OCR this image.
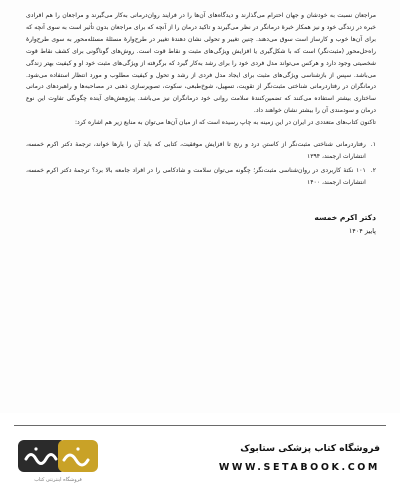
مراجعان نسبت به خودشان و جهان احترام می‌گذارند و دیدگاه‌های آن‌ها را در فرایند روان‌درمانی به‌کار می‌گیرند و مراجعان را هم افرادی خبره در زندگی خود و نیز همکار خبرهٔ درمانگر در نظر می‌گیرند و تاکید درمان را از آنچه که برای مراجعان بدون تأثیر است به سوی آنچه که برای آن‌ها خوب و کارساز است سوق می‌دهند. چنین تغییر و تحولی نشان دهندهٔ تغییر در طرح‌وارهٔ مسئلهٔ مسئله‌محور به سوی طرح‌وارهٔ راه‌حل‌محور (مثبت‌نگر) است که با شکل‌گیری یا افزایش ویژگی‌های مثبت و نقاط قوت است. روش‌های گوناگونی برای کشف نقاط قوت شخصیتی وجود دارد و هرکس می‌تواند مدل فردی خود را برای رشد به‌کار گیرد که برگرفته از ویژگی‌های مثبت خود او و کیفیت بهتر زندگی می‌باشد. سپس از بازشناسی ویژگی‌های مثبت برای ایجاد مدل فردی از رشد و تحول و کیفیت مطلوب و مورد انتظار استفاده می‌شود. درمانگران در رفتاردرمانی شناختی مثبت‌نگر از تقویت، تسهیل، شوخ‌طبعی، سکوت، تصویرسازی ذهنی در مصاحبه‌ها و راهبردهای درمانی ساختاری بیشتر استفاده می‌کنند که تضمین‌کنندهٔ سلامت روانی خود درمانگران نیز می‌باشد. پیژوهش‌های آینده چگونگی تفاوت این نوع درمان و سودمندی آن را بیشتر نشان خواهند داد.

تاکنون کتاب‌های متعددی در ایران در این زمینه به چاپ رسیده است که از میان آن‌ها می‌توان به منابع زیر هم اشاره کرد:

۱.
رفتاردرمانی شناختی مثبت‌نگر از کاستن درد و رنج تا افزایش موفقیت، کتابی که باید آن را بارها خواند، ترجمهٔ دکتر اکرم خمسه، انتشارات ارجمند، ۱۳۹۴
۲.
۱۰۱ نکتهٔ کاربردی در روان‌شناسی مثبت‌نگر؛ چگونه می‌توان سلامت و شادکامی را در افراد جامعه بالا برد؟ ترجمهٔ دکتر اکرم خمسه، انتشارات ارجمند، ۱۴۰۰
دکتر اکرم خمسه
پاییز ۱۴۰۴
فروشگاه اینترنتی کتاب
فروشگاه کتاب پزشکی ستابوک
WWW.SETABOOK.COM
